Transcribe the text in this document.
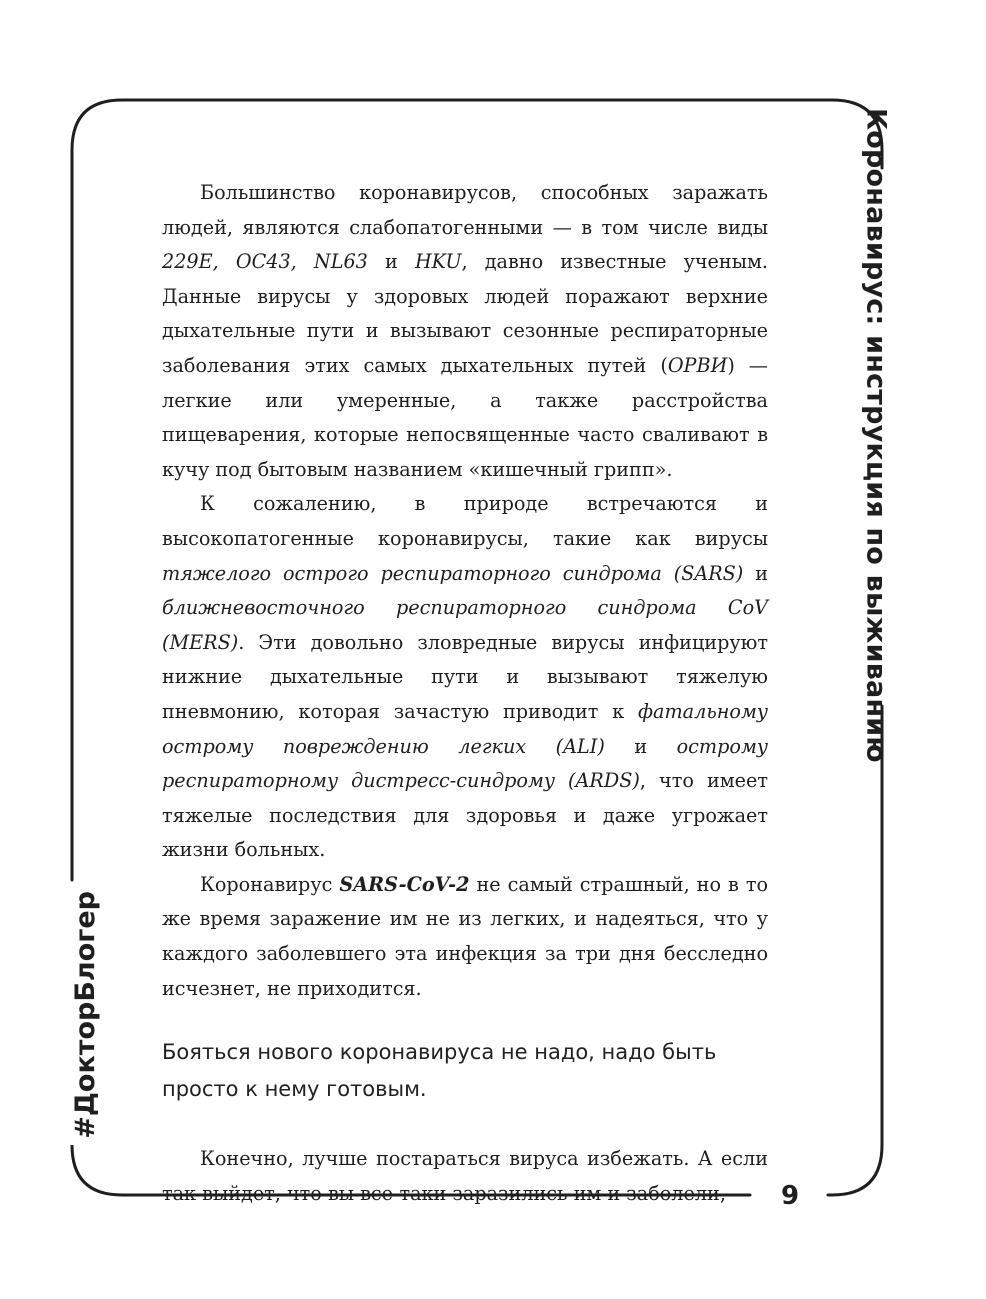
Коронавирус: инструкция по выживанию
#ДокторБлогер
9

Большинство коронавирусов, способных заражать людей, являются слабопатогенными — в том числе виды 229E, OC43, NL63 и HKU, давно известные ученым. Данные вирусы у здоровых людей поражают верхние дыхательные пути и вызывают сезонные респираторные заболевания этих самых дыхательных путей (ОРВИ) — легкие или умеренные, а также расстройства пищеварения, которые непосвященные часто сваливают в кучу под бытовым названием «кишечный грипп».

К сожалению, в природе встречаются и высокопатогенные коронавирусы, такие как вирусы тяжелого острого респираторного синдрома (SARS) и ближневосточного респираторного синдрома CoV (MERS). Эти довольно зловредные вирусы инфицируют нижние дыхательные пути и вызывают тяжелую пневмонию, которая зачастую приводит к фатальному острому повреждению легких (ALI) и острому респираторному дистресс-синдрому (ARDS), что имеет тяжелые последствия для здоровья и даже угрожает жизни больных.

Коронавирус SARS-CoV-2 не самый страшный, но в то же время заражение им не из легких, и надеяться, что у каждого заболевшего эта инфекция за три дня бесследно исчезнет, не приходится.

Бояться нового коронавируса не надо, надо быть просто к нему готовым.

Конечно, лучше постараться вируса избежать. А если так выйдет, что вы все-таки заразились им и заболели,
